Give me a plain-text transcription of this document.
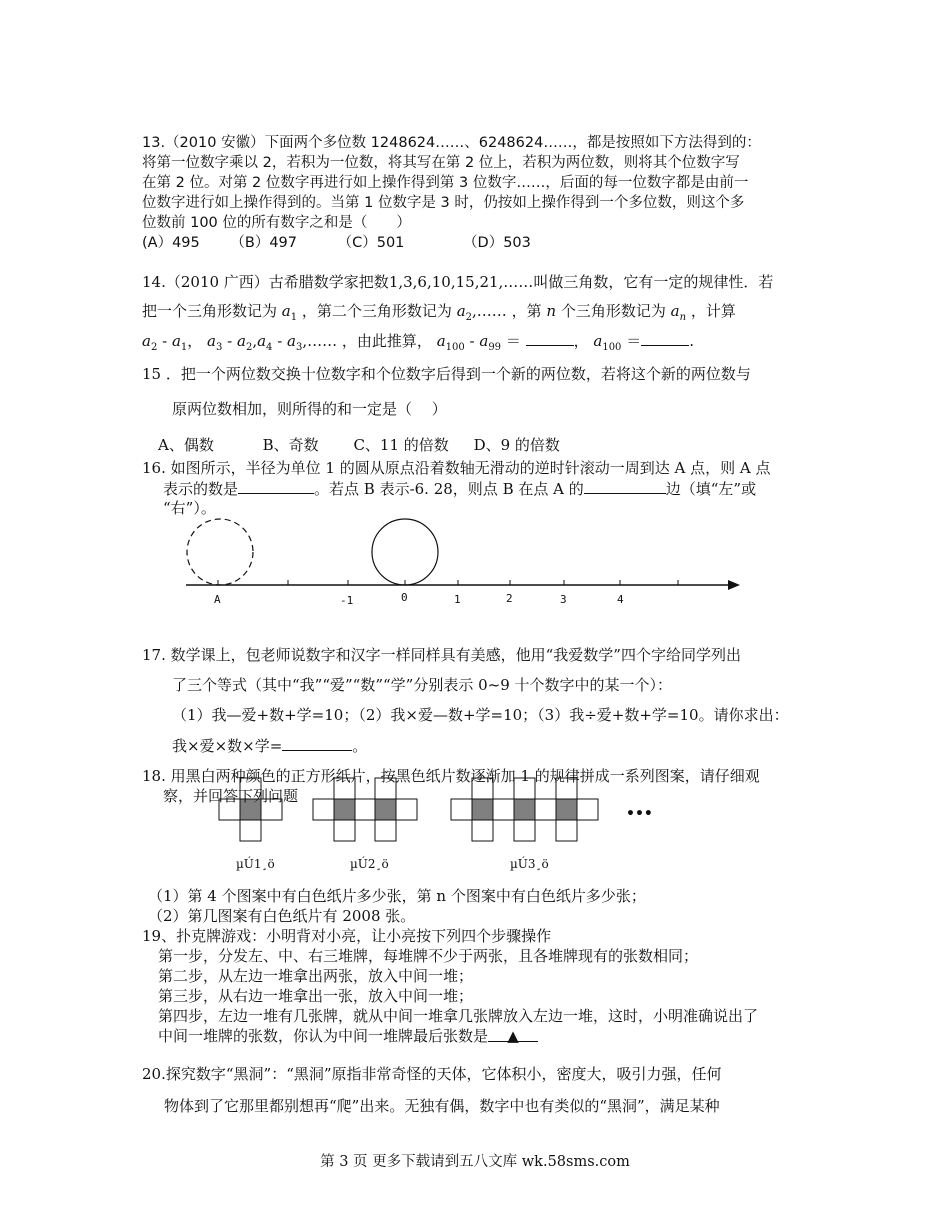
13.（2010 安徽）下面两个多位数 1248624……、6248624……，都是按照如下方法得到的：
将第一位数字乘以 2，若积为一位数，将其写在第 2 位上，若积为两位数，则将其个位数字写
在第 2 位。对第 2 位数字再进行如上操作得到第 3 位数字……，后面的每一位数字都是由前一
位数字进行如上操作得到的。当第 1 位数字是 3 时，仍按如上操作得到一个多位数，则这个多
位数前 100 位的所有数字之和是（　　）
(A）495 （B）497	（C）501	（D）503
14.（2010 广西）古希腊数学家把数1,3,6,10,15,21,……叫做三角数，它有一定的规律性．若
把一个三角形数记为 $a_1$ ，第二个三角形数记为 $a_2,\dots\dots$ ，第 n 个三角形数记为 $a_n$ ，计算
$a_2 - a_1$， $a_3 - a_2,a_4$ - $a_3,\dots\dots$ ，由此推算， $a_{100} - a_{99}$ ＝	， $a_{100}$ ＝	.
15 ．把一个两位数交换十位数字和个位数字后得到一个新的两位数，若将这个新的两位数与
原两位数相加，则所得的和一定是（　 ）
A、偶数	B、奇数 C、11 的倍数 D、9 的倍数
16. 如图所示，半径为单位 1 的圆从原点沿着数轴无滑动的逆时针滚动一周到达 A 点，则 A 点
表示的数是	。若点 B 表示-6. 28，则点 B 在点 A 的	边（填“左”或
“右”）。
A	-1	0	1	2	3	4
•••
17. 数学课上，包老师说数字和汉字一样同样具有美感，他用“我爱数学”四个字给同学列出
了三个等式（其中“我”“爱”“数”“学”分别表示 0~9 十个数字中的某一个）：
（1）我—爱+数+学=10；（2）我×爱—数+学=10；（3）我÷爱+数+学=10。请你求出：
我×爱×数×学=	。
18. 用黑白两种颜色的正方形纸片，按黑色纸片数逐渐加 1 的规律拼成一系列图案，请仔细观
察，并回答下列问题
µÚ1¸ö	µÚ2¸ö	µÚ3¸ö
（1）第 4 个图案中有白色纸片多少张，第 n 个图案中有白色纸片多少张；
（2）第几图案有白色纸片有 2008 张。
19、扑克牌游戏：小明背对小亮，让小亮按下列四个步骤操作
第一步，分发左、中、右三堆牌，每堆牌不少于两张，且各堆牌现有的张数相同；
第二步，从左边一堆拿出两张，放入中间一堆；
第三步，从右边一堆拿出一张，放入中间一堆；
第四步，左边一堆有几张牌，就从中间一堆拿几张牌放入左边一堆，这时，小明准确说出了
中间一堆牌的张数，你认为中间一堆牌最后张数是 ▲
20.探究数字“黑洞”：“黑洞”原指非常奇怪的天体，它体积小，密度大，吸引力强，任何
物体到了它那里都别想再“爬”出来。无独有偶，数字中也有类似的“黑洞”，满足某种
第 3 页 更多下载请到五八文库 wk.58sms.com
